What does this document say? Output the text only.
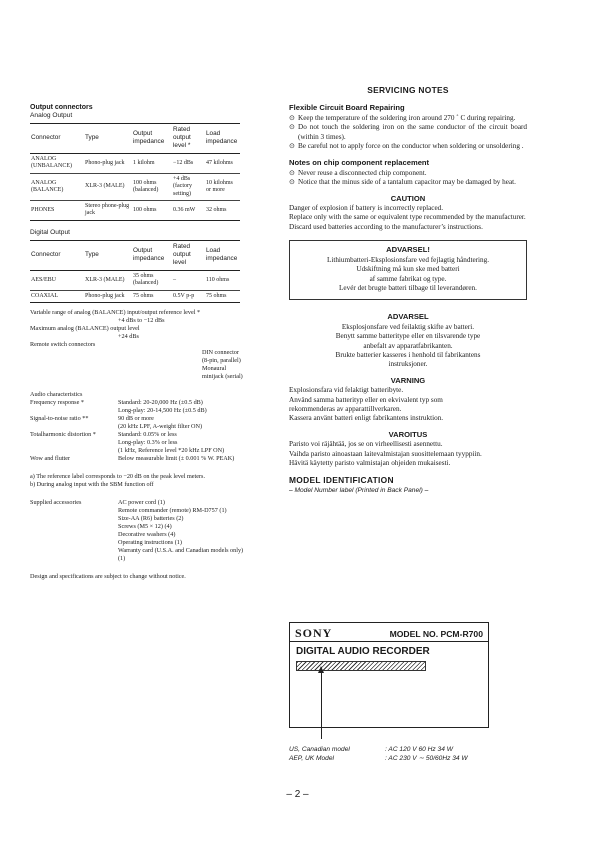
Output connectors
Analog Output
Connector	Type	Output impedance	Rated output level *	Load impedance
ANALOG (UNBALANCE)	Phono-plug jack	1 kilohm	−12 dBs	47 kilohms
ANALOG (BALANCE)	XLR-3 (MALE)	100 ohms (balanced)	+4 dBs (factory setting)	10 kilohms or more
PHONES	Stereo phone-plug jack	100 ohms	0.36 mW	32 ohms
Digital Output
Connector	Type	Output impedance	Rated output level	Load impedance
AES/EBU	XLR-3 (MALE)	35 ohms (balanced)	–	110 ohms
COAXIAL	Phono-plug jack	75 ohms	0.5V p-p	75 ohms
Variable range of analog (BALANCE) input/output reference level *
+4 dBs to −12 dBs
Maximum analog (BALANCE) output level
+24 dBs
Remote switch connectors
DIN connector (8-pin, parallel)
Monaural minijack (serial)
Audio characteristics
Frequency response *	Standard: 20-20,000 Hz (±0.5 dB)
Long-play: 20-14,500 Hz (±0.5 dB)
Signal-to-noise ratio **	90 dB or more
(20 kHz LPF, A-weight filter ON)
Totalharmonic distortion *	Standard: 0.05% or less
Long-play: 0.3% or less
(1 kHz, Reference level *20 kHz LPF ON)
Wow and flutter	Below measurable limit (± 0.001 % W. PEAK)
a) The reference label corresponds to −20 dB on the peak level meters.
b) During analog input with the SBM function off
Supplied accessories	AC power cord (1)
Remote commander (remote) RM-D757 (1)
Size-AA (R6) batteries (2)
Screws (M5 × 12) (4)
Decorative washers (4)
Operating instructions (1)
Warranty card (U.S.A. and Canadian models only) (1)
Design and specifications are subject to change without notice.
SERVICING NOTES
Flexible Circuit Board Repairing
⊙ Keep the temperature of the soldering iron around 270 ˚ C during repairing.
⊙ Do not touch the soldering iron on the same conductor of the circuit board (within 3 times).
⊙ Be careful not to apply force on the conductor when soldering or unsoldering .
Notes on chip component replacement
⊙ Never reuse a disconnected chip component.
⊙ Notice that the minus side of a tantalum capacitor may be damaged by heat.
CAUTION
Danger of explosion if battery is incorrectly replaced.
Replace only with the same or equivalent type recommended by the manufacturer.
Discard used batteries according to the manufacturer’s instructions.
ADVARSEL!
Lithiumbatteri-Eksplosionsfare ved fejlagtig håndtering.
Udskiftning må kun ske med batteri
af samme fabrikat og type.
Levér det brugte batteri tilbage til leverandøren.
ADVARSEL
Eksplosjonsfare ved feilaktig skifte av batteri.
Benytt samme batteritype eller en tilsvarende type
anbefalt av apparatfabrikanten.
Brukte batterier kasseres i henhold til fabrikantens
instruksjoner.
VARNING
Explosionsfara vid felaktigt batteribyte.
Använd samma batterityp eller en ekvivalent typ som
rekommenderas av apparattillverkaren.
Kassera använt batteri enligt fabrikantens instruktion.
VAROITUS
Paristo voi räjähtää, jos se on virheellisesti asennettu.
Vaihda paristo ainoastaan laitevalmistajan suosittelemaan tyyppiin.
Hävitä käytetty paristo valmistajan ohjeiden mukaisesti.
MODEL IDENTIFICATION
– Model Number label (Printed in Back Panel) –
SONY	MODEL NO. PCM-R700
DIGITAL AUDIO RECORDER
US, Canadian model	: AC 120 V 60 Hz 34 W
AEP, UK Model	: AC 230 V ∼ 50/60Hz 34 W
– 2 –
